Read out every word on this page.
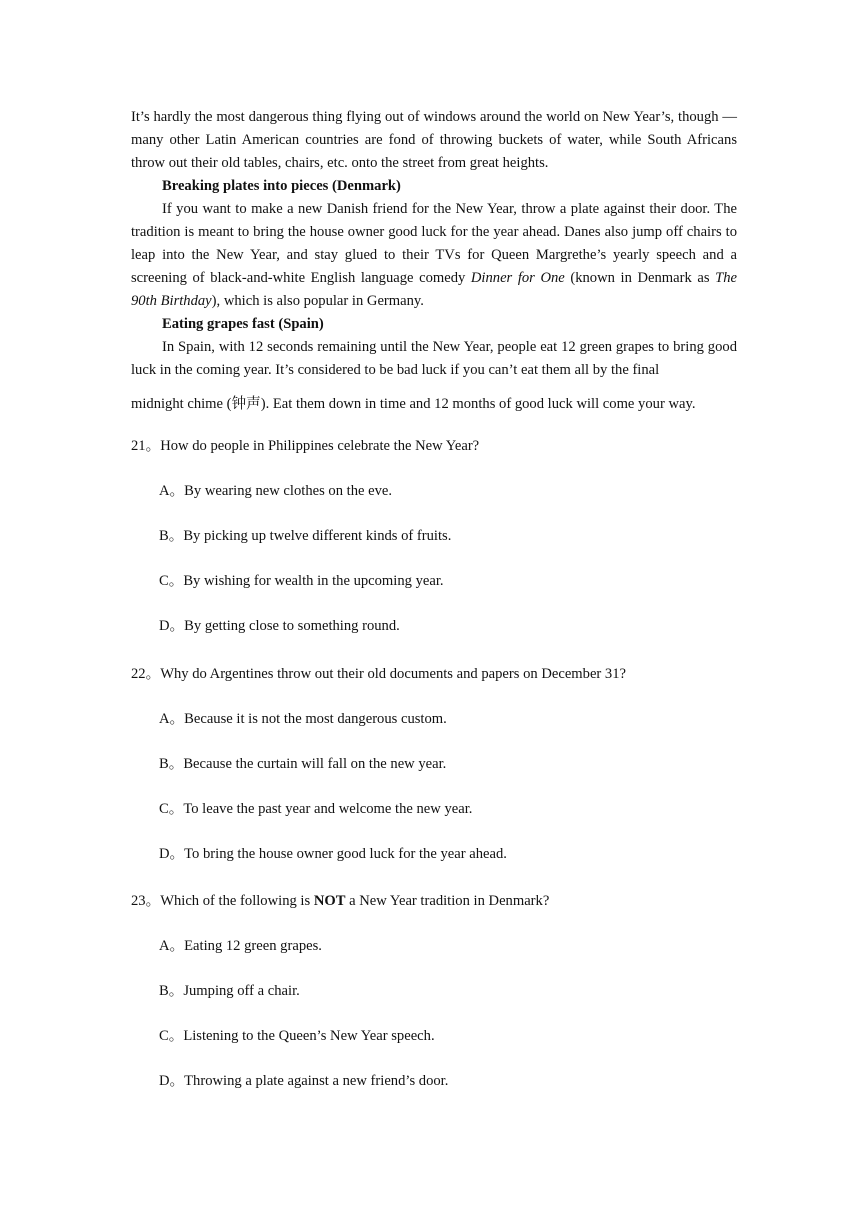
It’s hardly the most dangerous thing flying out of windows around the world on New Year’s, though — many other Latin American countries are fond of throwing buckets of water, while South Africans throw out their old tables, chairs, etc. onto the street from great heights.

Breaking plates into pieces (Denmark)

If you want to make a new Danish friend for the New Year, throw a plate against their door. The tradition is meant to bring the house owner good luck for the year ahead. Danes also jump off chairs to leap into the New Year, and stay glued to their TVs for Queen Margrethe’s yearly speech and a screening of black-and-white English language comedy Dinner for One (known in Denmark as The 90th Birthday), which is also popular in Germany.

Eating grapes fast (Spain)

In Spain, with 12 seconds remaining until the New Year, people eat 12 green grapes to bring good luck in the coming year. It’s considered to be bad luck if you can’t eat them all by the final

midnight chime (钟声). Eat them down in time and 12 months of good luck will come your way.

21。How do people in Philippines celebrate the New Year?

A。By wearing new clothes on the eve.

B。By picking up twelve different kinds of fruits.

C。By wishing for wealth in the upcoming year.

D。By getting close to something round.

22。Why do Argentines throw out their old documents and papers on December 31?

A。Because it is not the most dangerous custom.

B。Because the curtain will fall on the new year.

C。To leave the past year and welcome the new year.

D。To bring the house owner good luck for the year ahead.

23。Which of the following is NOT a New Year tradition in Denmark?

A。Eating 12 green grapes.

B。Jumping off a chair.

C。Listening to the Queen’s New Year speech.

D。Throwing a plate against a new friend’s door.
